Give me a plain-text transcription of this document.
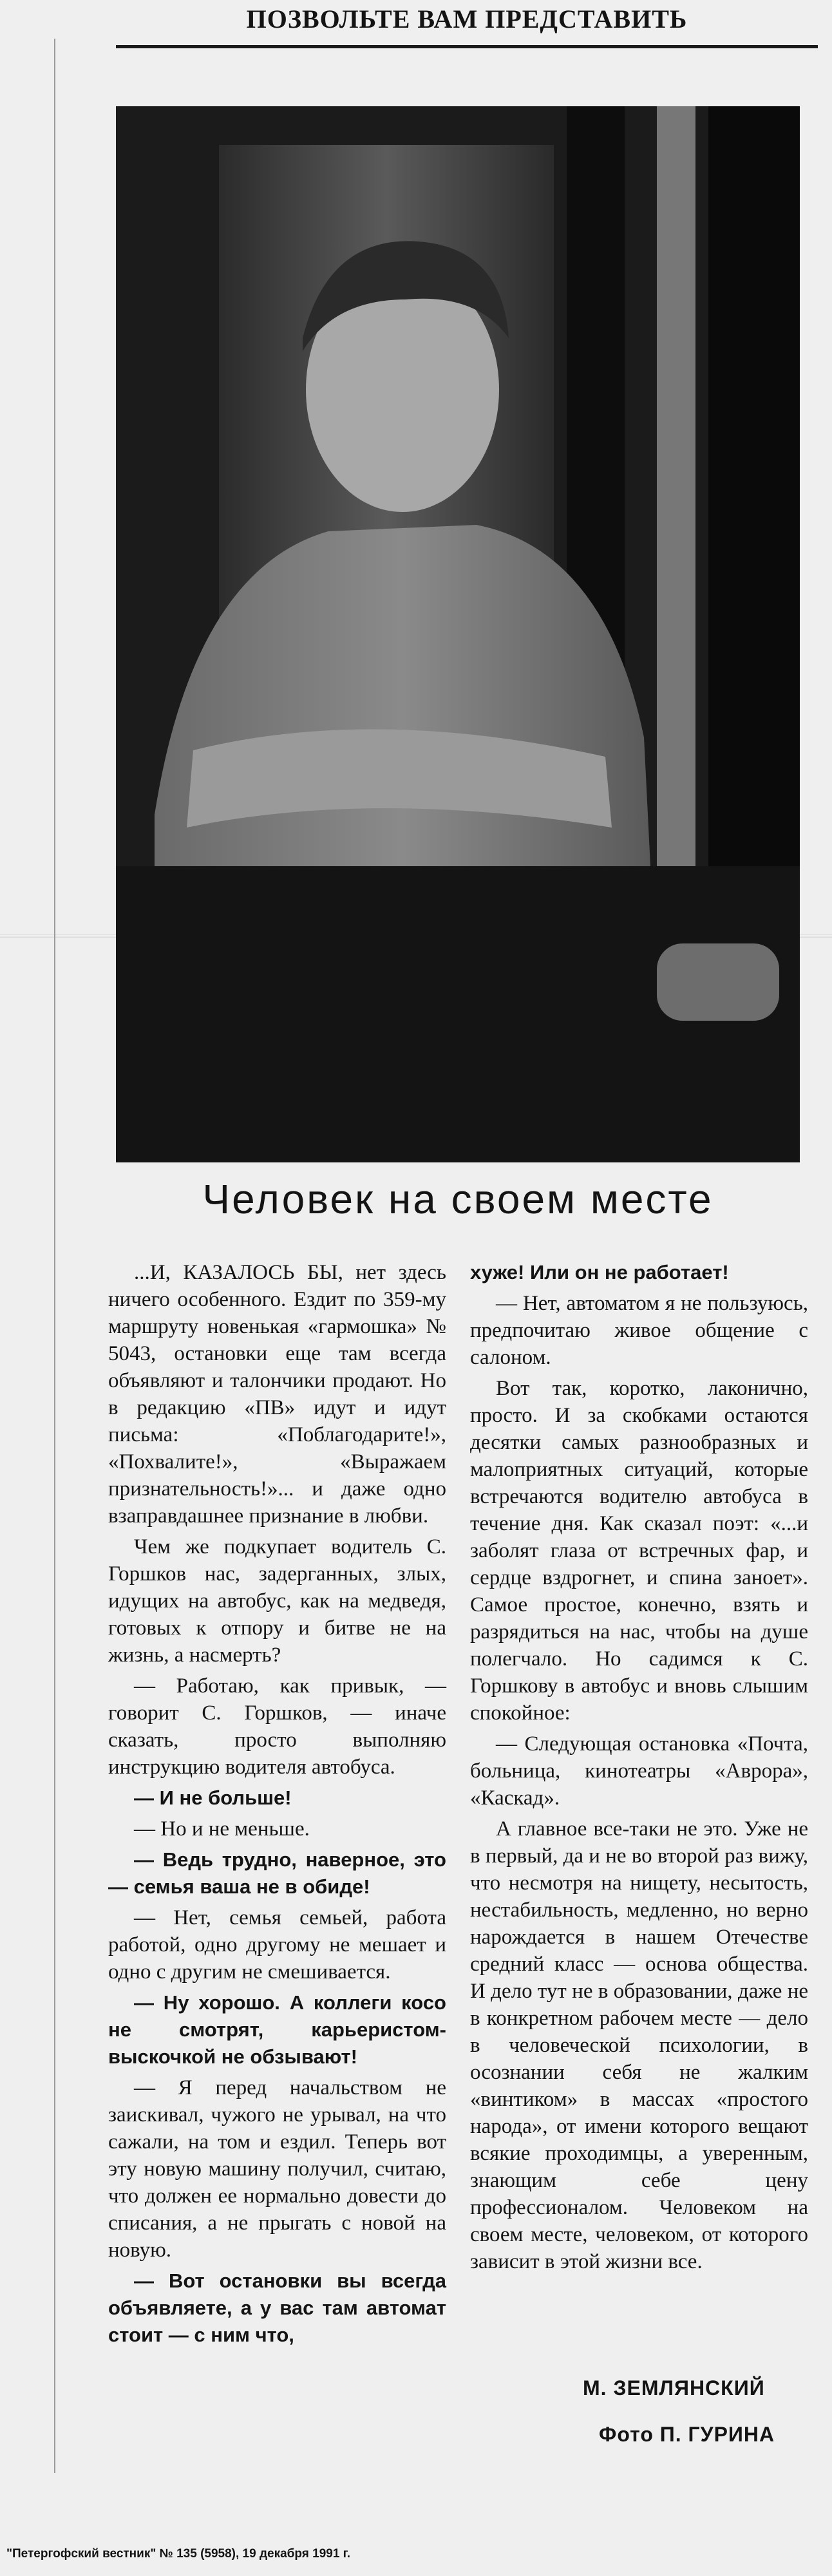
ПОЗВОЛЬТЕ ВАМ ПРЕДСТАВИТЬ
Человек на своем месте

...И, КАЗАЛОСЬ БЫ, нет здесь ничего особенного. Ездит по 359-му маршруту новенькая «гармошка» № 5043, остановки еще там всегда объявляют и талончики продают. Но в редакцию «ПВ» идут и идут письма: «Поблагодарите!», «Похвалите!», «Выражаем признательность!»... и даже одно взаправдашнее признание в любви.

Чем же подкупает водитель С. Горшков нас, задерганных, злых, идущих на автобус, как на медведя, готовых к отпору и битве не на жизнь, а насмерть?

— Работаю, как привык, — говорит С. Горшков, — иначе сказать, просто выполняю инструкцию водителя автобуса.

— И не больше!

— Но и не меньше.

— Ведь трудно, наверное, это — семья ваша не в обиде!

— Нет, семья семьей, работа работой, одно другому не мешает и одно с другим не смешивается.

— Ну хорошо. А коллеги косо не смотрят, карьеристом-выскочкой не обзывают!

— Я перед начальством не заискивал, чужого не урывал, на что сажали, на том и ездил. Теперь вот эту новую машину получил, считаю, что должен ее нормально довести до списания, а не прыгать с новой на новую.

— Вот остановки вы всегда объявляете, а у вас там автомат стоит — с ним что,

хуже! Или он не работает!

— Нет, автоматом я не пользуюсь, предпочитаю живое общение с салоном.

Вот так, коротко, лаконично, просто. И за скобками остаются десятки самых разнообразных и малоприятных ситуаций, которые встречаются водителю автобуса в течение дня. Как сказал поэт: «...и заболят глаза от встречных фар, и сердце вздрогнет, и спина заноет». Самое простое, конечно, взять и разрядиться на нас, чтобы на душе полегчало. Но садимся к С. Горшкову в автобус и вновь слышим спокойное:

— Следующая остановка «Почта, больница, кинотеатры «Аврора», «Каскад».

А главное все-таки не это. Уже не в первый, да и не во второй раз вижу, что несмотря на нищету, несытость, нестабильность, медленно, но верно нарождается в нашем Отечестве средний класс — основа общества. И дело тут не в образовании, даже не в конкретном рабочем месте — дело в человеческой психологии, в осознании себя не жалким «винтиком» в массах «простого народа», от имени которого вещают всякие проходимцы, а уверенным, знающим себе цену профессионалом. Человеком на своем месте, человеком, от которого зависит в этой жизни все.

М. ЗЕМЛЯНСКИЙ
Фото П. ГУРИНА
"Петергофский вестник" № 135 (5958), 19 декабря 1991 г.
